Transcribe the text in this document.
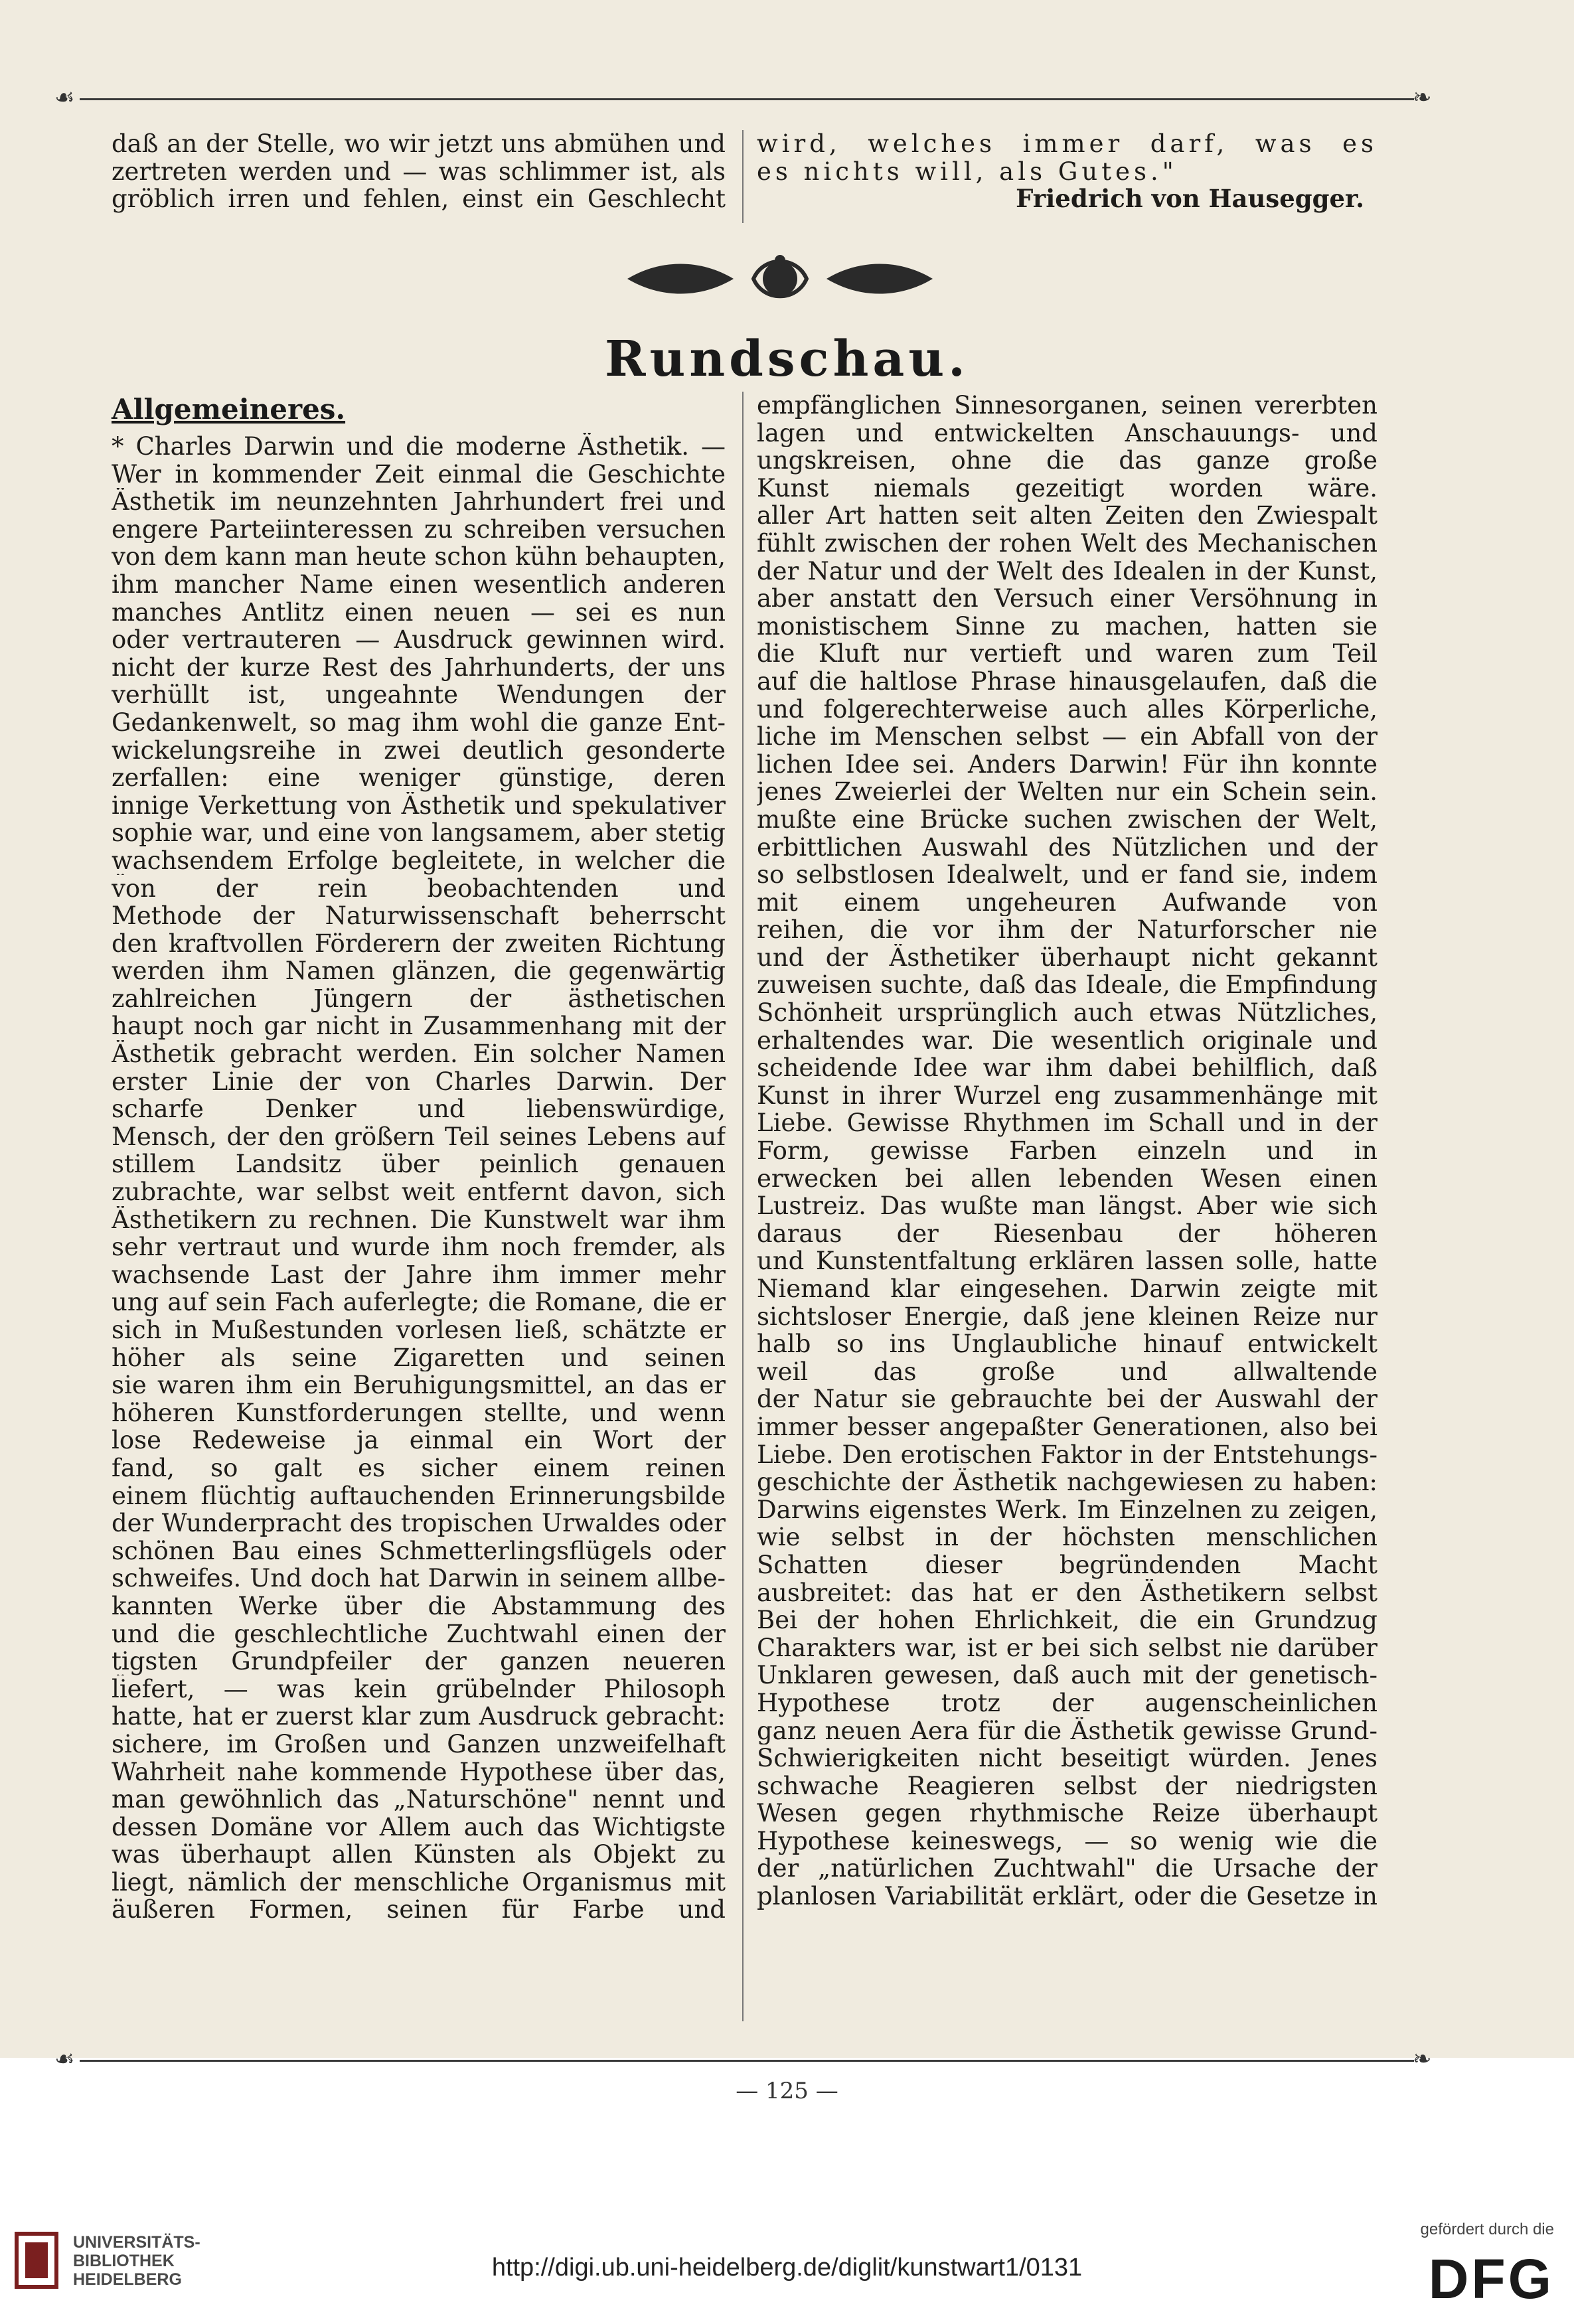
☙	❧
daß an der Stelle, wo wir jetzt uns abmühen und
zertreten werden und — was schlimmer ist, als
gröblich irren und fehlen, einst ein Geschlecht
wird, welches immer darf, was es
es nichts will, als Gutes."
Friedrich von Hausegger.
Rundschau.
Allgemeineres.
* Charles Darwin und die moderne Ästhetik. —
Wer in kommender Zeit einmal die Geschichte
Ästhetik im neunzehnten Jahrhundert frei und
engere Parteiinteressen zu schreiben versuchen
von dem kann man heute schon kühn behaupten,
ihm mancher Name einen wesentlich anderen
manches Antlitz einen neuen — sei es nun
oder vertrauteren — Ausdruck gewinnen wird.
nicht der kurze Rest des Jahrhunderts, der uns
verhüllt ist, ungeahnte Wendungen der
Gedankenwelt, so mag ihm wohl die ganze Ent-
wickelungsreihe in zwei deutlich gesonderte
zerfallen: eine weniger günstige, deren
innige Verkettung von Ästhetik und spekulativer
sophie war, und eine von langsamem, aber stetig
wachsendem Erfolge begleitete, in welcher die
von der rein beobachtenden und
Methode der Naturwissenschaft beherrscht
den kraftvollen Förderern der zweiten Richtung
werden ihm Namen glänzen, die gegenwärtig
zahlreichen Jüngern der ästhetischen
haupt noch gar nicht in Zusammenhang mit der
Ästhetik gebracht werden. Ein solcher Namen
erster Linie der von Charles Darwin. Der
scharfe Denker und liebenswürdige,
Mensch, der den größern Teil seines Lebens auf
stillem Landsitz über peinlich genauen
zubrachte, war selbst weit entfernt davon, sich
Ästhetikern zu rechnen. Die Kunstwelt war ihm
sehr vertraut und wurde ihm noch fremder, als
wachsende Last der Jahre ihm immer mehr
ung auf sein Fach auferlegte; die Romane, die er
sich in Mußestunden vorlesen ließ, schätzte er
höher als seine Zigaretten und seinen
sie waren ihm ein Beruhigungsmittel, an das er
höheren Kunstforderungen stellte, und wenn
lose Redeweise ja einmal ein Wort der
fand, so galt es sicher einem reinen
einem flüchtig auftauchenden Erinnerungsbilde
der Wunderpracht des tropischen Urwaldes oder
schönen Bau eines Schmetterlingsflügels oder
schweifes. Und doch hat Darwin in seinem allbe-
kannten Werke über die Abstammung des
und die geschlechtliche Zuchtwahl einen der
tigsten Grundpfeiler der ganzen neueren
liefert, — was kein grübelnder Philosoph
hatte, hat er zuerst klar zum Ausdruck gebracht:
sichere, im Großen und Ganzen unzweifelhaft
Wahrheit nahe kommende Hypothese über das,
man gewöhnlich das „Naturschöne" nennt und
dessen Domäne vor Allem auch das Wichtigste
was überhaupt allen Künsten als Objekt zu
liegt, nämlich der menschliche Organismus mit
äußeren Formen, seinen für Farbe und
empfänglichen Sinnesorganen, seinen vererbten
lagen und entwickelten Anschauungs- und
ungskreisen, ohne die das ganze große
Kunst niemals gezeitigt worden wäre.
aller Art hatten seit alten Zeiten den Zwiespalt
fühlt zwischen der rohen Welt des Mechanischen
der Natur und der Welt des Idealen in der Kunst,
aber anstatt den Versuch einer Versöhnung in
monistischem Sinne zu machen, hatten sie
die Kluft nur vertieft und waren zum Teil
auf die haltlose Phrase hinausgelaufen, daß die
und folgerechterweise auch alles Körperliche,
liche im Menschen selbst — ein Abfall von der
lichen Idee sei. Anders Darwin! Für ihn konnte
jenes Zweierlei der Welten nur ein Schein sein.
mußte eine Brücke suchen zwischen der Welt,
erbittlichen Auswahl des Nützlichen und der
so selbstlosen Idealwelt, und er fand sie, indem
mit einem ungeheuren Aufwande von
reihen, die vor ihm der Naturforscher nie
und der Ästhetiker überhaupt nicht gekannt
zuweisen suchte, daß das Ideale, die Empfindung
Schönheit ursprünglich auch etwas Nützliches,
erhaltendes war. Die wesentlich originale und
scheidende Idee war ihm dabei behilflich, daß
Kunst in ihrer Wurzel eng zusammenhänge mit
Liebe. Gewisse Rhythmen im Schall und in der
Form, gewisse Farben einzeln und in
erwecken bei allen lebenden Wesen einen
Lustreiz. Das wußte man längst. Aber wie sich
daraus der Riesenbau der höheren
und Kunstentfaltung erklären lassen solle, hatte
Niemand klar eingesehen. Darwin zeigte mit
sichtsloser Energie, daß jene kleinen Reize nur
halb so ins Unglaubliche hinauf entwickelt
weil das große und allwaltende
der Natur sie gebrauchte bei der Auswahl der
immer besser angepaßter Generationen, also bei
Liebe. Den erotischen Faktor in der Entstehungs-
geschichte der Ästhetik nachgewiesen zu haben:
Darwins eigenstes Werk. Im Einzelnen zu zeigen,
wie selbst in der höchsten menschlichen
Schatten dieser begründenden Macht
ausbreitet: das hat er den Ästhetikern selbst
Bei der hohen Ehrlichkeit, die ein Grundzug
Charakters war, ist er bei sich selbst nie darüber
Unklaren gewesen, daß auch mit der genetisch-
Hypothese trotz der augenscheinlichen
ganz neuen Aera für die Ästhetik gewisse Grund-
Schwierigkeiten nicht beseitigt würden. Jenes
schwache Reagieren selbst der niedrigsten
Wesen gegen rhythmische Reize überhaupt
Hypothese keineswegs, — so wenig wie die
der „natürlichen Zuchtwahl" die Ursache der
planlosen Variabilität erklärt, oder die Gesetze in
☙	❧
— 125 —
UNIVERSITÄTS-
BIBLIOTHEK
HEIDELBERG	http://digi.ub.uni-heidelberg.de/diglit/kunstwart1/0131
gefördert durch die
DFG
